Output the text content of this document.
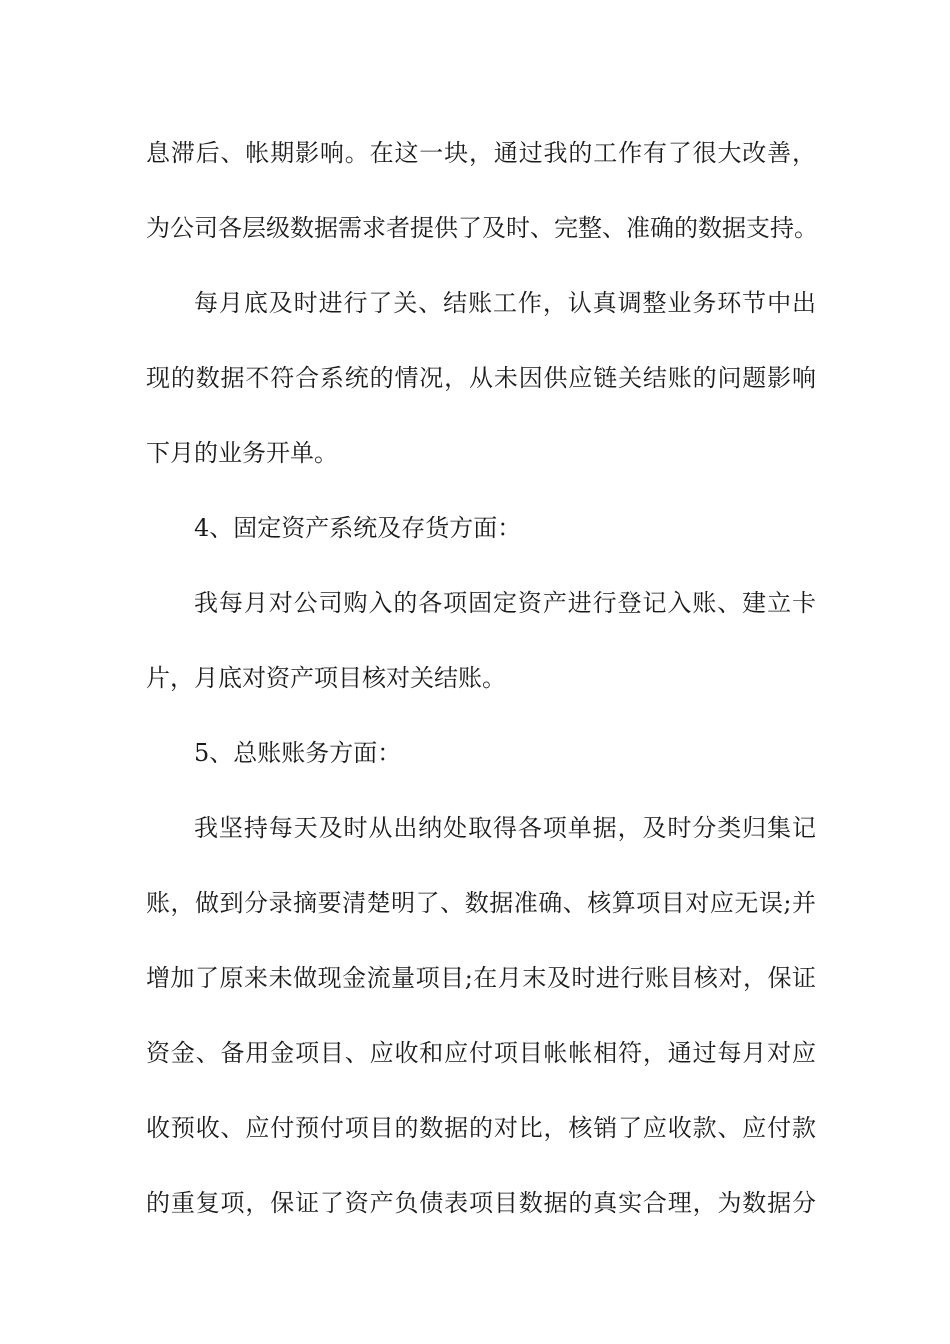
息滞后、帐期影响。在这一块，通过我的工作有了很大改善，
为公司各层级数据需求者提供了及时、完整、准确的数据支持。
每月底及时进行了关、结账工作，认真调整业务环节中出
现的数据不符合系统的情况，从未因供应链关结账的问题影响
下月的业务开单。
4、固定资产系统及存货方面：
我每月对公司购入的各项固定资产进行登记入账、建立卡
片，月底对资产项目核对关结账。
5、总账账务方面：
我坚持每天及时从出纳处取得各项单据，及时分类归集记
账，做到分录摘要清楚明了、数据准确、核算项目对应无误;并
增加了原来未做现金流量项目;在月末及时进行账目核对，保证
资金、备用金项目、应收和应付项目帐帐相符，通过每月对应
收预收、应付预付项目的数据的对比，核销了应收款、应付款
的重复项，保证了资产负债表项目数据的真实合理，为数据分
